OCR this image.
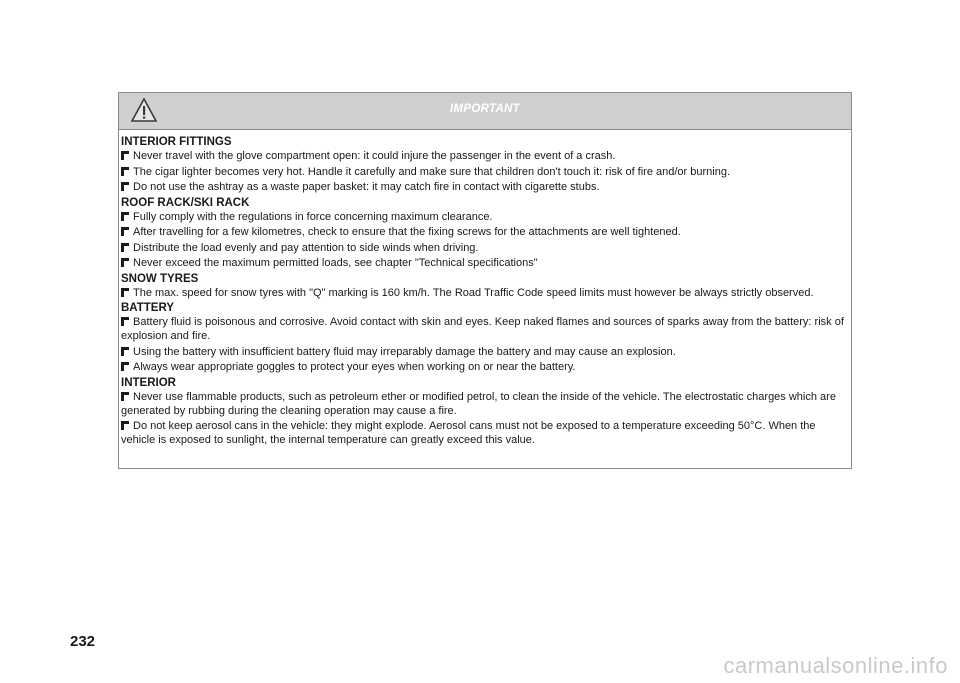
IMPORTANT
INTERIOR FITTINGS
Never travel with the glove compartment open: it could injure the passenger in the event of a crash.
The cigar lighter becomes very hot. Handle it carefully and make sure that children don't touch it: risk of fire and/or burning.
Do not use the ashtray as a waste paper basket: it may catch fire in contact with cigarette stubs.
ROOF RACK/SKI RACK
Fully comply with the regulations in force concerning maximum clearance.
After travelling for a few kilometres, check to ensure that the fixing screws for the attachments are well tightened.
Distribute the load evenly and pay attention to side winds when driving.
Never exceed the maximum permitted loads, see chapter "Technical specifications"
SNOW TYRES
The max. speed for snow tyres with "Q" marking is 160 km/h. The Road Traffic Code speed limits must however be always strictly observed.
BATTERY
Battery fluid is poisonous and corrosive. Avoid contact with skin and eyes. Keep naked flames and sources of sparks away from the battery: risk of explosion and fire.
Using the battery with insufficient battery fluid may irreparably damage the battery and may cause an explosion.
Always wear appropriate goggles to protect your eyes when working on or near the battery.
INTERIOR
Never use flammable products, such as petroleum ether or modified petrol, to clean the inside of the vehicle. The electrostatic charges which are generated by rubbing during the cleaning operation may cause a fire.
Do not keep aerosol cans in the vehicle: they might explode. Aerosol cans must not be exposed to a temperature exceeding 50°C. When the vehicle is exposed to sunlight, the internal temperature can greatly exceed this value.
232
carmanualsonline.info
